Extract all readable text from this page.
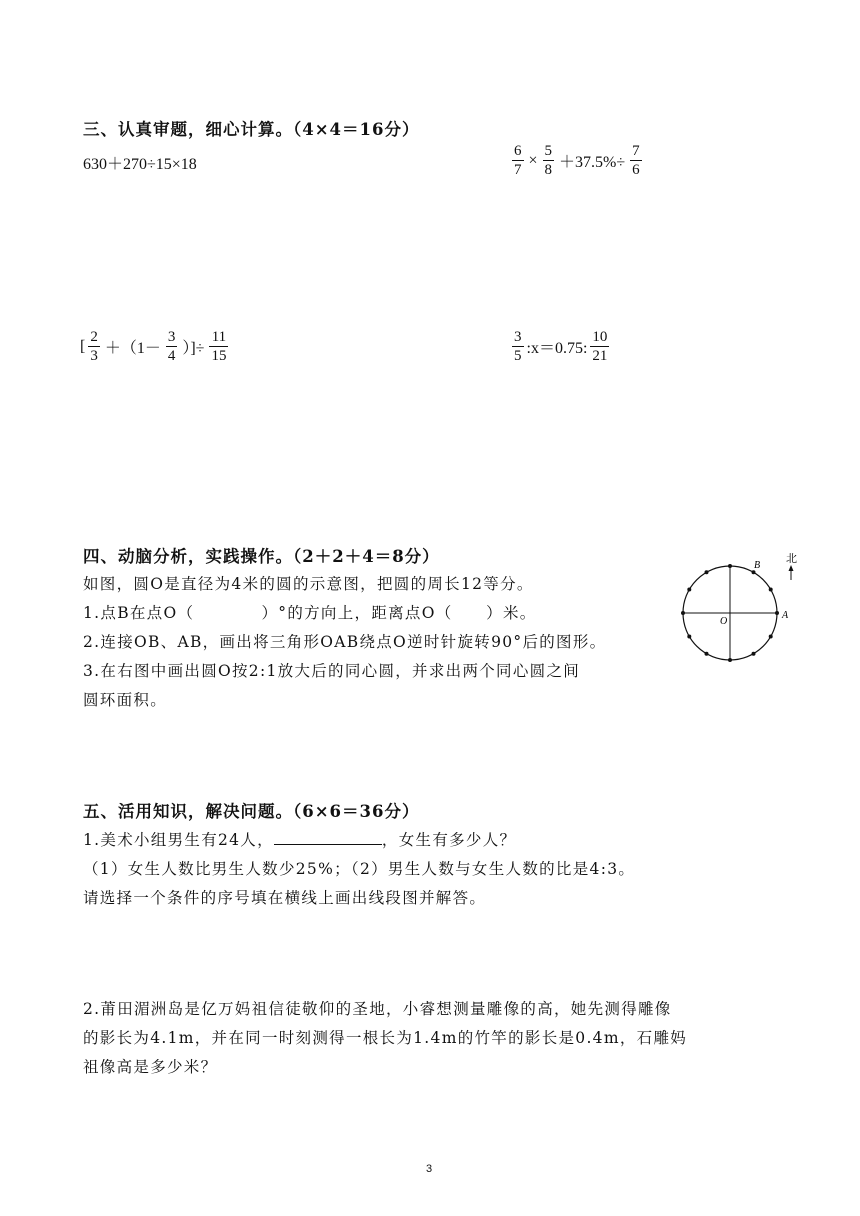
三、认真审题，细心计算。（4×4＝16分）
630＋270÷15×18	$\frac{6}{7} \times \frac{5}{8} +37.5\%\div \frac{7}{6}$
[ $\frac{2}{3} +(1- \frac{3}{4}$ ）]÷ $\frac{11}{15}$	$\frac{3}{5}$ :x＝0.75: $\frac{10}{21}$
四、动脑分析，实践操作。（2＋2＋4＝8分）
如图，圆O是直径为4米的圆的示意图，把圆的周长12等分。
1.点B在点O（　　　　）°的方向上，距离点O（　　）米。
2.连接OB、AB，画出将三角形OAB绕点O逆时针旋转90°后的图形。
3.在右图中画出圆O按2:1放大后的同心圆，并求出两个同心圆之间
圆环面积。
B
A
O
北
五、活用知识，解决问题。（6×6＝36分）
1.美术小组男生有24人，	，女生有多少人？
（1）女生人数比男生人数少25%；（2）男生人数与女生人数的比是4:3。
请选择一个条件的序号填在横线上画出线段图并解答。
2.莆田湄洲岛是亿万妈祖信徒敬仰的圣地，小睿想测量雕像的高，她先测得雕像
的影长为4.1m，并在同一时刻测得一根长为1.4m的竹竿的影长是0.4m，石雕妈
祖像高是多少米？
3
